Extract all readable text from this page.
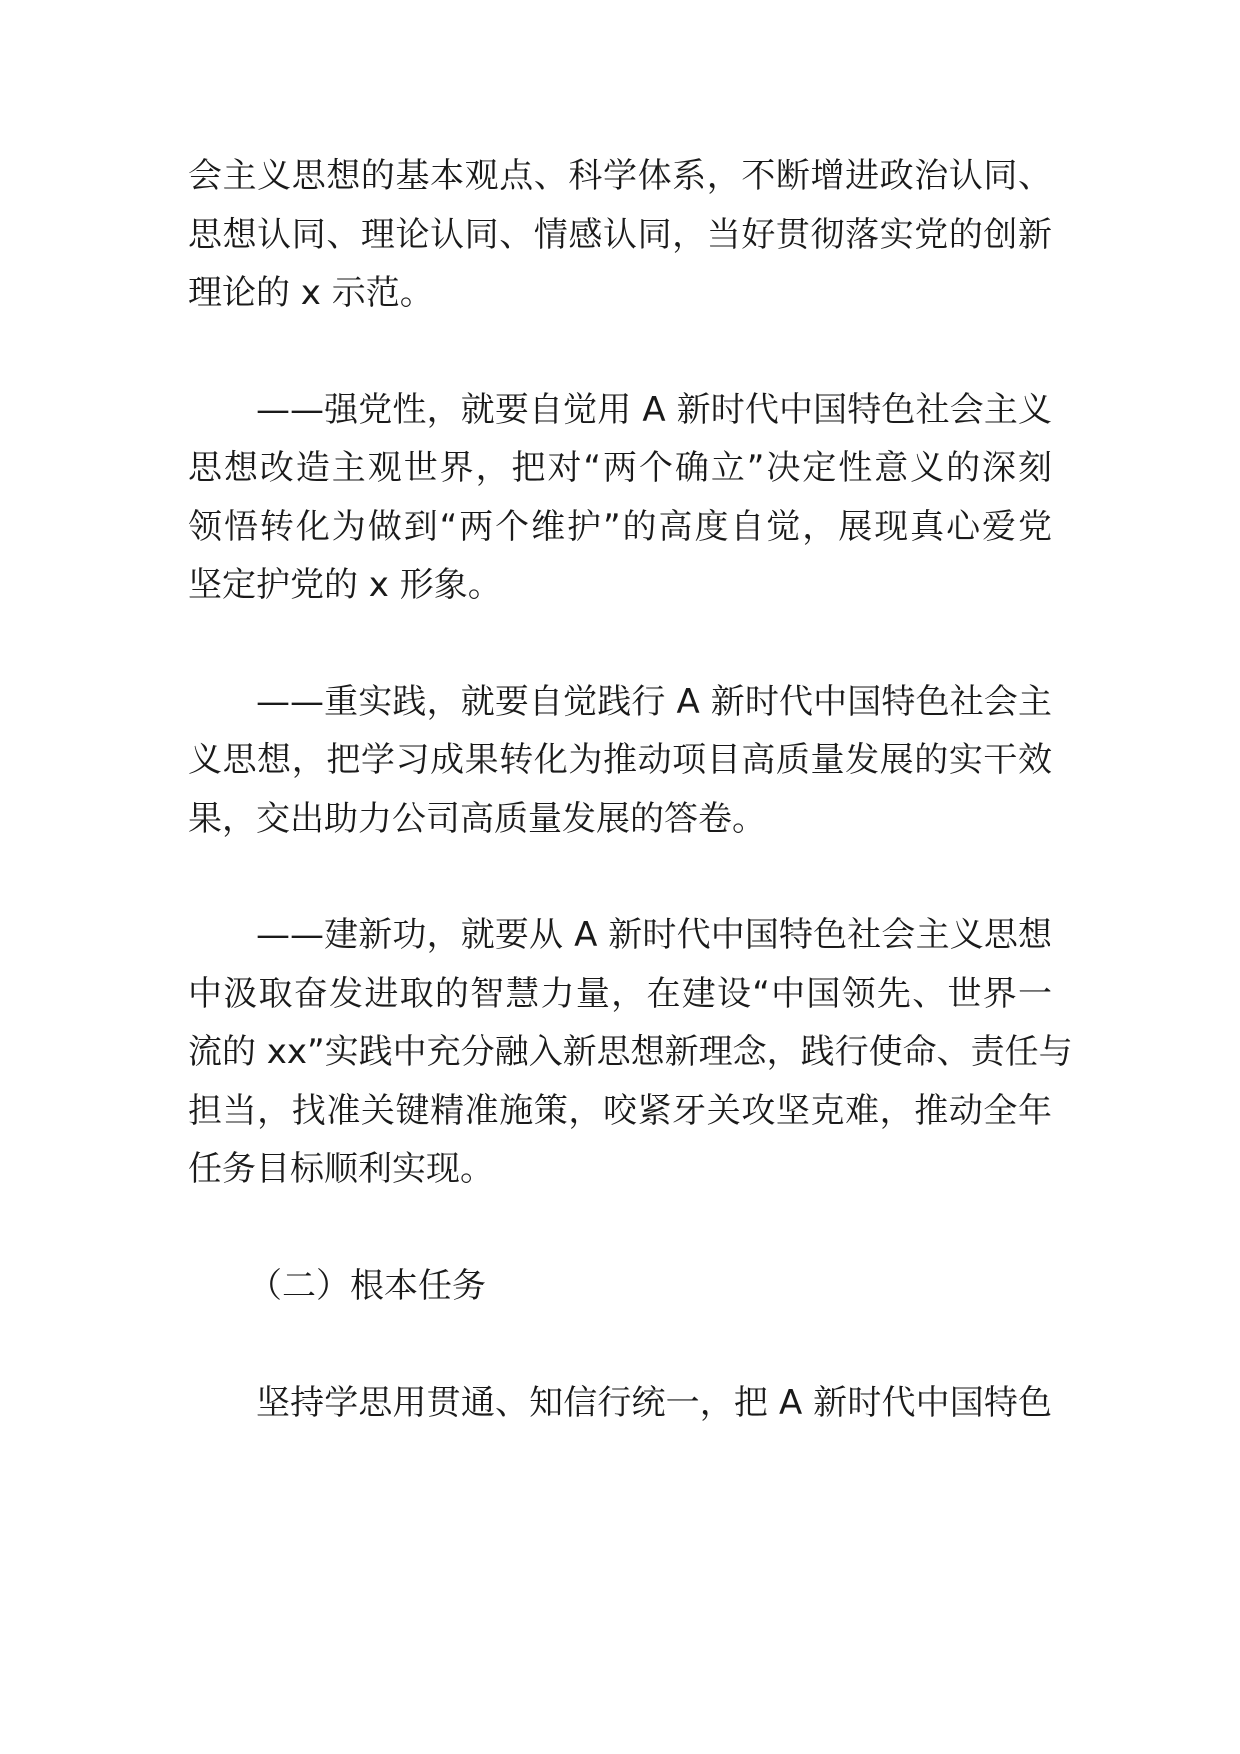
会主义思想的基本观点、科学体系，不断增进政治认同、

思想认同、理论认同、情感认同，当好贯彻落实党的创新

理论的 x 示范。

——强党性，就要自觉用 A 新时代中国特色社会主义

思想改造主观世界，把对“两个确立”决定性意义的深刻

领悟转化为做到“两个维护”的高度自觉，展现真心爱党

坚定护党的 x 形象。

——重实践，就要自觉践行 A 新时代中国特色社会主

义思想，把学习成果转化为推动项目高质量发展的实干效

果，交出助力公司高质量发展的答卷。

——建新功，就要从 A 新时代中国特色社会主义思想

中汲取奋发进取的智慧力量，在建设“中国领先、世界一

流的 xx”实践中充分融入新思想新理念，践行使命、责任与

担当，找准关键精准施策，咬紧牙关攻坚克难，推动全年

任务目标顺利实现。

（二）根本任务

坚持学思用贯通、知信行统一，把 A 新时代中国特色
